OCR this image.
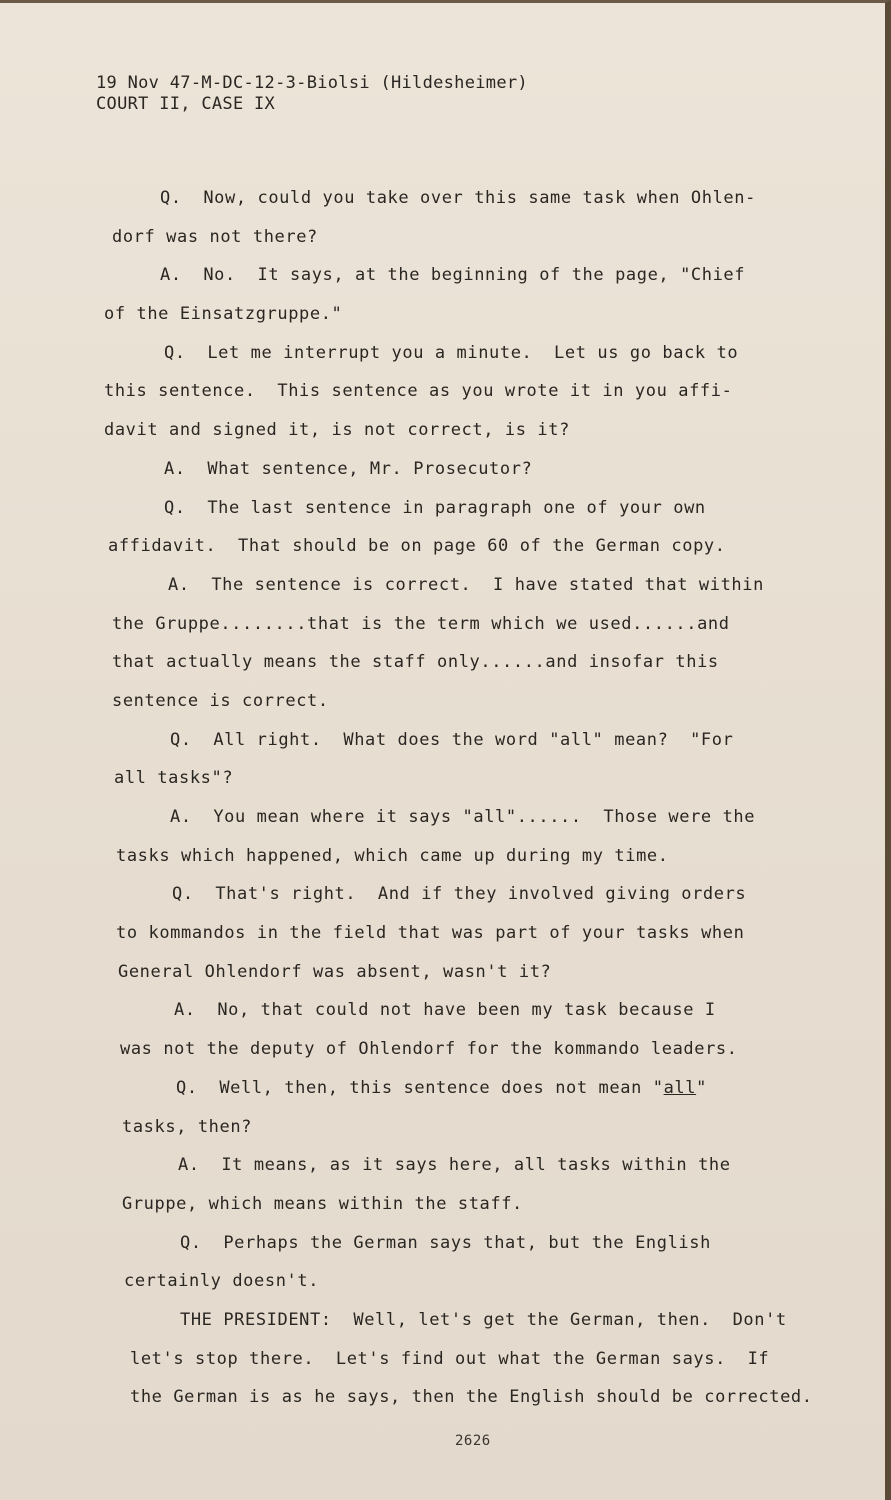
19 Nov 47-M-DC-12-3-Biolsi (Hildesheimer)
COURT II, CASE IX
Q.  Now, could you take over this same task when Ohlen-
dorf was not there?
A.  No.  It says, at the beginning of the page, "Chief
of the Einsatzgruppe."
Q.  Let me interrupt you a minute.  Let us go back to
this sentence.  This sentence as you wrote it in you affi-
davit and signed it, is not correct, is it?
A.  What sentence, Mr. Prosecutor?
Q.  The last sentence in paragraph one of your own
affidavit.  That should be on page 60 of the German copy.
A.  The sentence is correct.  I have stated that within
the Gruppe........that is the term which we used......and
that actually means the staff only......and insofar this
sentence is correct.
Q.  All right.  What does the word "all" mean?  "For
all tasks"?
A.  You mean where it says "all"......  Those were the
tasks which happened, which came up during my time.
Q.  That's right.  And if they involved giving orders
to kommandos in the field that was part of your tasks when
General Ohlendorf was absent, wasn't it?
A.  No, that could not have been my task because I
was not the deputy of Ohlendorf for the kommando leaders.
Q.  Well, then, this sentence does not mean "all"
tasks, then?
A.  It means, as it says here, all tasks within the
Gruppe, which means within the staff.
Q.  Perhaps the German says that, but the English
certainly doesn't.
THE PRESIDENT:  Well, let's get the German, then.  Don't
let's stop there.  Let's find out what the German says.  If
the German is as he says, then the English should be corrected.
2626
